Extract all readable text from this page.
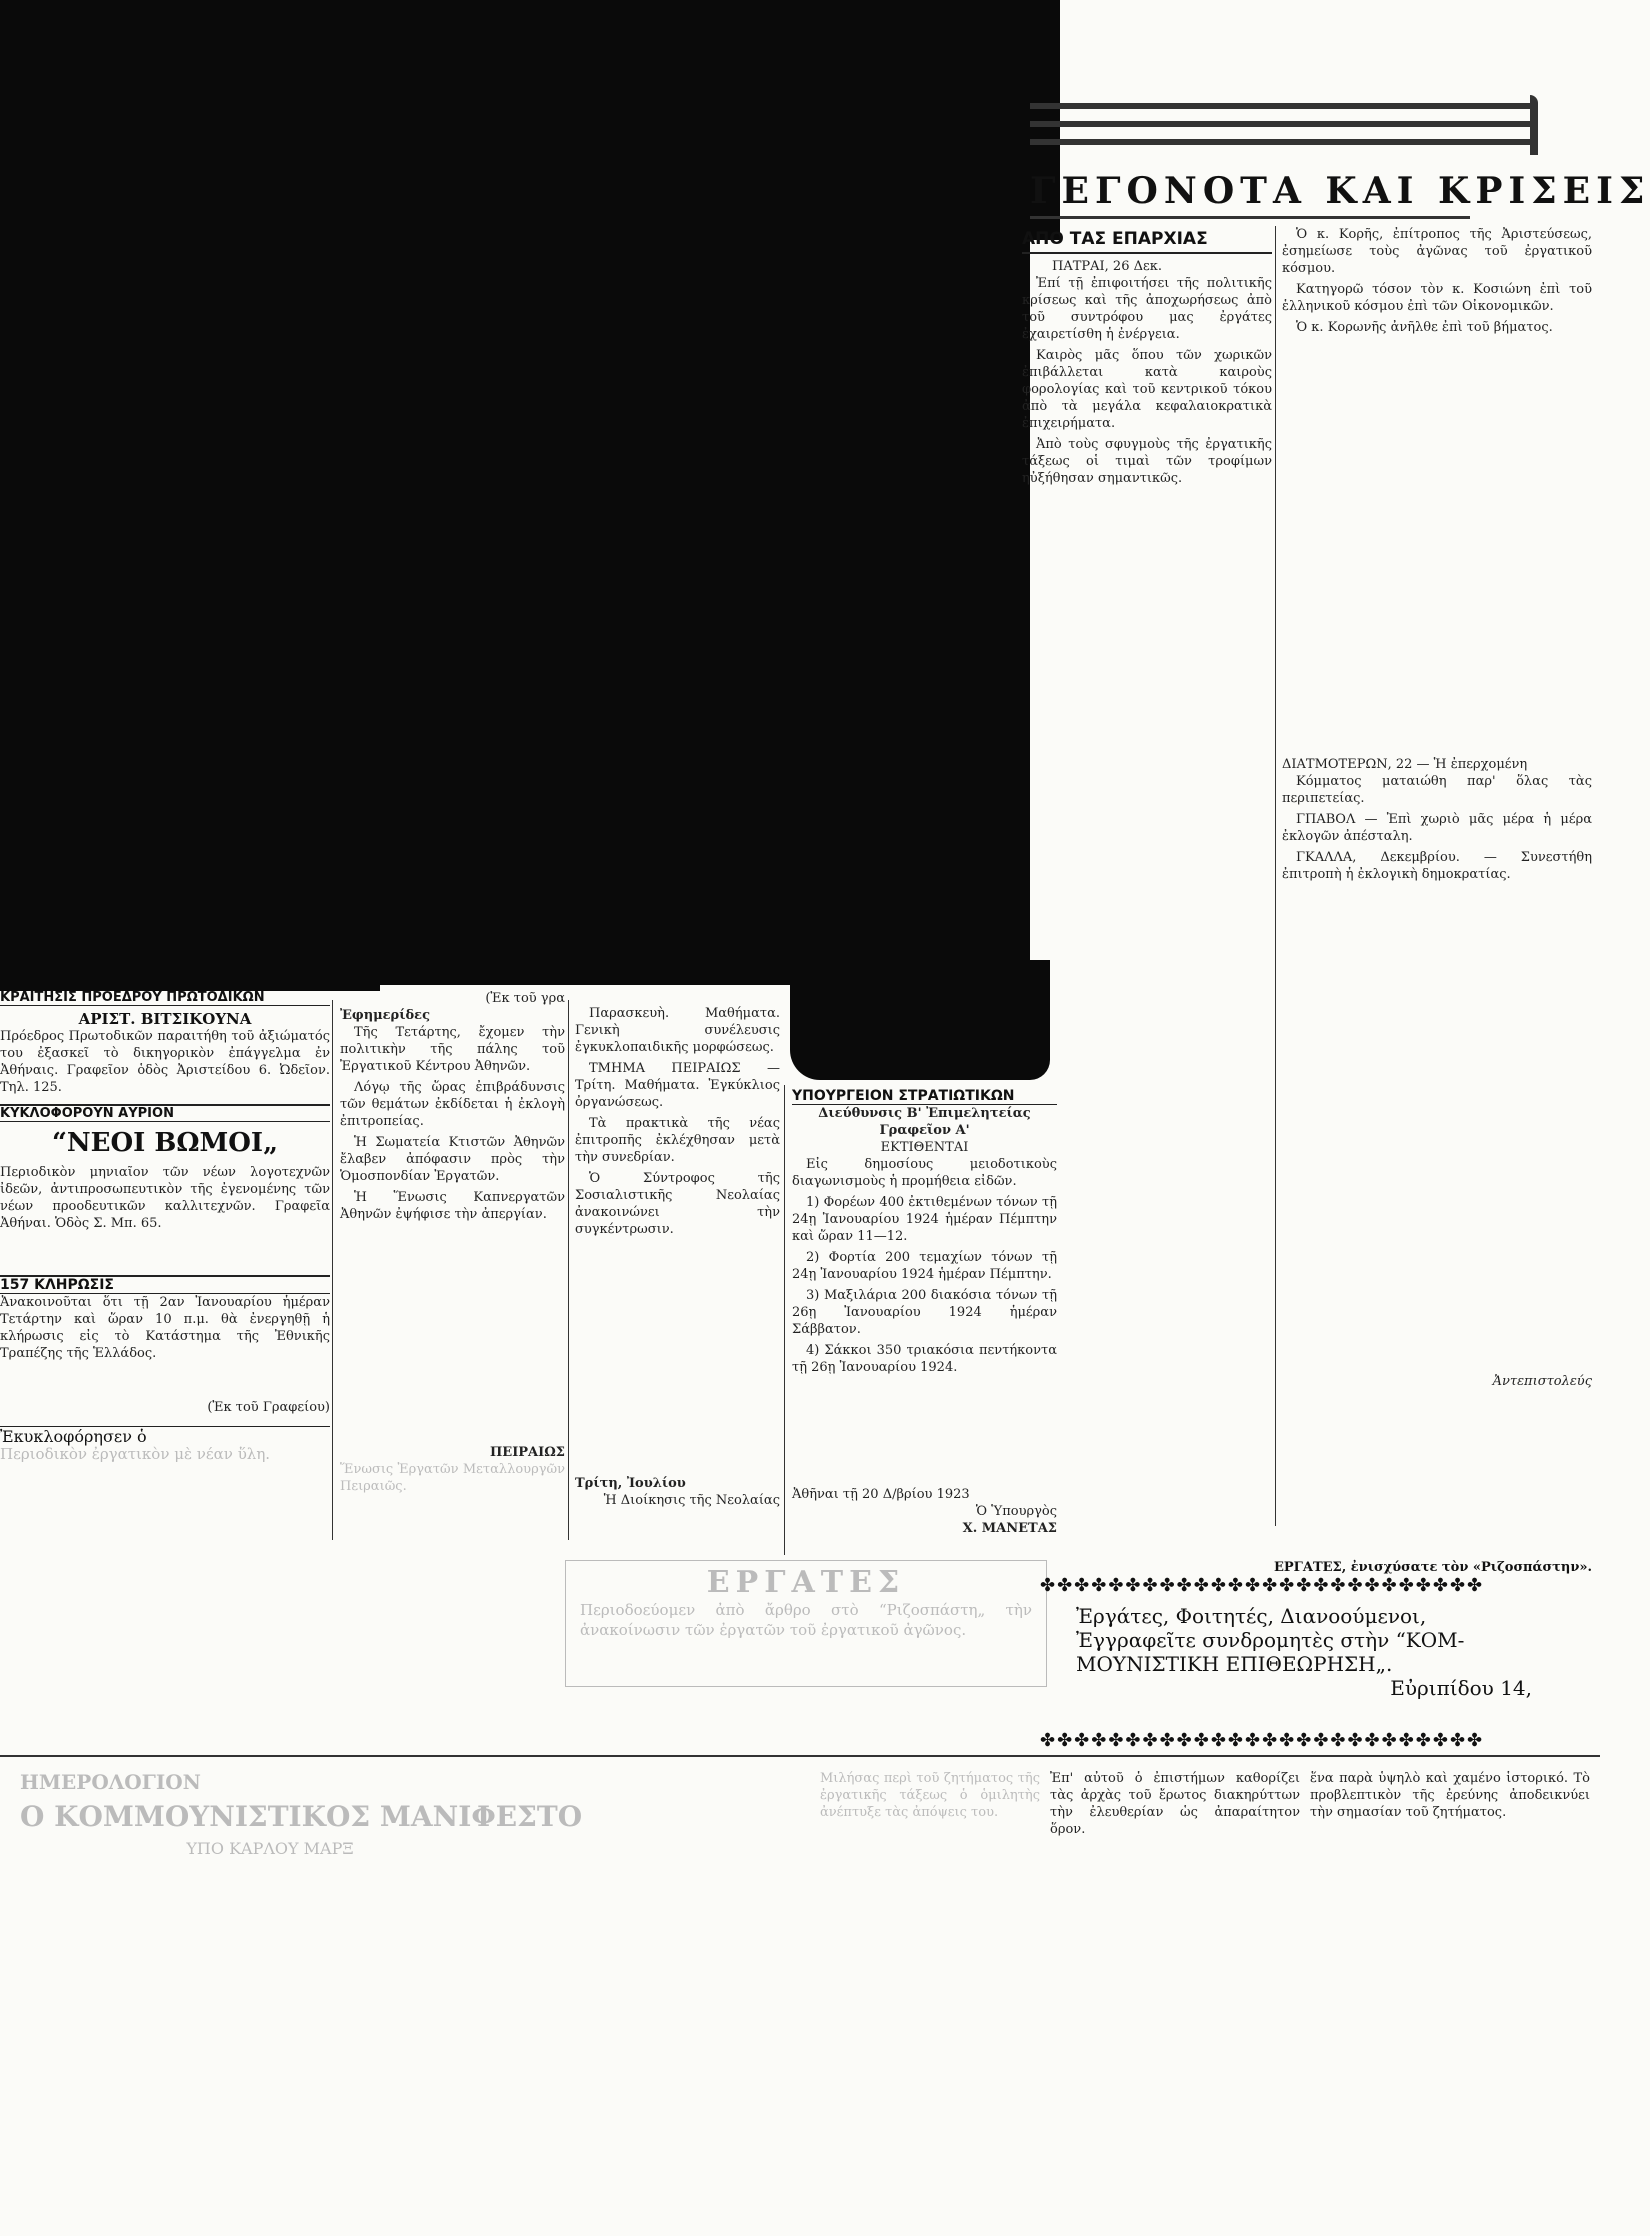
ΓΕΓΟΝΟΤΑ ΚΑΙ ΚΡΙΣΕΙΣ
ΑΠΟ ΤΑΣ ΕΠΑΡΧΙΑΣ
ΠΑΤΡΑΙ, 26 Δεκ.

Ἐπί τῇ ἐπιφοιτήσει τῆς πολιτικῆς κρίσεως καὶ τῆς ἀποχωρήσεως ἀπὸ τοῦ συντρόφου μας ἐργάτες ἐχαιρετίσθη ἡ ἐνέργεια.

Καιρὸς μᾶς ὅπου τῶν χωρικῶν ἐπιβάλλεται κατὰ καιροὺς φορολογίας καὶ τοῦ κεντρικοῦ τόκου ἀπὸ τὰ μεγάλα κεφαλαιοκρατικὰ ἐπιχειρήματα.

Ἀπὸ τοὺς σφυγμοὺς τῆς ἐργατικῆς τάξεως οἱ τιμαὶ τῶν τροφίμων ηὐξήθησαν σημαντικῶς.

Ὁ κ. Κορῆς, ἐπίτροπος τῆς Ἀριστεύσεως, ἐσημείωσε τοὺς ἀγῶνας τοῦ ἐργατικοῦ κόσμου.

Κατηγορῶ τόσον τὸν κ. Κοσιώνη ἐπὶ τοῦ ἑλληνικοῦ κόσμου ἐπὶ τῶν Οἰκονομικῶν.

Ὁ κ. Κορωνῆς ἀνῆλθε ἐπὶ τοῦ βήματος.

ΔΙΑΤΜΟΤΕΡΩΝ, 22 — Ἡ ἐπερχομένη

Κόμματος ματαιώθη παρ' ὅλας τὰς περιπετείας.

ΓΠΑΒΟΛ — Ἐπὶ χωριὸ μᾶς μέρα ἡ μέρα ἐκλογῶν ἀπέσταλη.

ΓΚΑΛΛΑ, Δεκεμβρίου. — Συνεστήθη ἐπιτροπὴ ἡ ἐκλογικὴ δημοκρατίας.

Ἀντεπιστολεύς
ΚΡΑΙΤΗΣΙΣ ΠΡΟΕΔΡΟΥ ΠΡΩΤΟΔΙΚΩΝ
ΑΡΙΣΤ. ΒΙΤΣΙΚΟΥΝΑ
Πρόεδρος Πρωτοδικῶν παραιτήθη τοῦ ἀξιώματός του ἐξασκεῖ τὸ δικηγορικὸν ἐπάγγελμα ἐν Ἀθήναις. Γραφεῖον ὁδὸς Ἀριστείδου 6. Ὠδεῖον. Τηλ. 125.
ΚΥΚΛΟΦΟΡΟΥΝ ΑΥΡΙΟΝ
“ΝΕΟΙ ΒΩΜΟΙ„
Περιοδικὸν μηνιαῖον τῶν νέων λογοτεχνῶν ἰδεῶν, ἀντιπροσωπευτικὸν τῆς ἐγενομένης τῶν νέων προοδευτικῶν καλλιτεχνῶν. Γραφεῖα Ἀθήναι. Ὁδὸς Σ. Μπ. 65.
157 ΚΛΗΡΩΣΙΣ
Ἀνακοινοῦται ὅτι τῇ 2αν Ἰανουαρίου ἡμέραν Τετάρτην καὶ ὥραν 10 π.μ. θὰ ἐνεργηθῇ ἡ κλήρωσις εἰς τὸ Κατάστημα τῆς Ἐθνικῆς Τραπέζης τῆς Ἑλλάδος.
(Ἐκ τοῦ Γραφείου)
Ἐκυκλοφόρησεν ὁ
Περιοδικὸν ἐργατικὸν μὲ νέαν ὕλη.
(Ἐκ τοῦ γρα
Ἐφημερίδες

Τῆς Τετάρτης, ἔχομεν τὴν πολιτικὴν τῆς πάλης τοῦ Ἐργατικοῦ Κέντρου Ἀθηνῶν.

Λόγῳ τῆς ὥρας ἐπιβράδυνσις τῶν θεμάτων ἐκδίδεται ἡ ἐκλογὴ ἐπιτροπείας.

Ἡ Σωματεία Κτιστῶν Ἀθηνῶν ἔλαβεν ἀπόφασιν πρὸς τὴν Ὁμοσπονδίαν Ἐργατῶν.

Ἡ Ἕνωσις Καπνεργατῶν Ἀθηνῶν ἐψήφισε τὴν ἀπεργίαν.

ΠΕΙΡΑΙΩΣ
Ἕνωσις Ἐργατῶν Μεταλλουργῶν Πειραιῶς.

Παρασκευὴ. Μαθήματα. Γενικὴ συνέλευσις ἐγκυκλοπαιδικῆς μορφώσεως.

ΤΜΗΜΑ ΠΕΙΡΑΙΩΣ — Τρίτη. Μαθήματα. Ἐγκύκλιος ὀργανώσεως.

Τὰ πρακτικὰ τῆς νέας ἐπιτροπῆς ἐκλέχθησαν μετὰ τὴν συνεδρίαν.

Ὁ Σύντροφος τῆς Σοσιαλιστικῆς Νεολαίας ἀνακοινώνει τὴν συγκέντρωσιν.

Τρίτη, Ἰουλίου
Ἡ Διοίκησις τῆς Νεολαίας
ΥΠΟΥΡΓΕΙΟΝ ΣΤΡΑΤΙΩΤΙΚΩΝ
Διεύθυνσις Β' Ἐπιμελητείας Γραφεῖον Α'
ΕΚΤΙΘΕΝΤΑΙ

Εἰς δημοσίους μειοδοτικοὺς διαγωνισμοὺς ἡ προμήθεια εἰδῶν.

1) Φορέων 400 ἐκτιθεμένων τόνων τῇ 24ῃ Ἰανουαρίου 1924 ἡμέραν Πέμπτην καὶ ὥραν 11—12.

2) Φορτία 200 τεμαχίων τόνων τῇ 24ῃ Ἰανουαρίου 1924 ἡμέραν Πέμπτην.

3) Μαξιλάρια 200 διακόσια τόνων τῇ 26ῃ Ἰανουαρίου 1924 ἡμέραν Σάββατον.

4) Σάκκοι 350 τριακόσια πεντήκοντα τῇ 26ῃ Ἰανουαρίου 1924.

Ἀθῆναι τῇ 20 Δ/βρίου 1923
Ὁ Ὑπουργὸς
Χ. ΜΑΝΕΤΑΣ
ΕΡΓΑΤΕΣ
Περιοδοεύομεν ἀπὸ ἄρθρο στὸ “Ριζοσπάστη„ τὴν ἀνακοίνωσιν τῶν ἐργατῶν τοῦ ἐργατικοῦ ἀγῶνος.
ΕΡΓΑΤΕΣ, ἐνισχύσατε τὸν «Ριζοσπάστην».
✤✤✤✤✤✤✤✤✤✤✤✤✤✤✤✤✤✤✤✤✤✤✤✤✤✤
Ἐργάτες, Φοιτητές, Διανοούμενοι,
Ἐγγραφεῖτε συνδρομητὲς στὴν “ΚΟΜ-
ΜΟΥΝΙΣΤΙΚΗ ΕΠΙΘΕΩΡΗΣΗ„.
Εὐριπίδου 14,
✤✤✤✤✤✤✤✤✤✤✤✤✤✤✤✤✤✤✤✤✤✤✤✤✤✤
ΗΜΕΡΟΛΟΓΙΟΝ
Ο ΚΟΜΜΟΥΝΙΣΤΙΚΟΣ ΜΑΝΙΦΕΣΤΟ
ΥΠΟ ΚΑΡΛΟΥ ΜΑΡΞ
Μιλήσας περὶ τοῦ ζητήματος τῆς ἐργατικῆς τάξεως ὁ ὁμιλητὴς ἀνέπτυξε τὰς ἀπόψεις του.
Ἐπ' αὐτοῦ ὁ ἐπιστήμων καθορίζει τὰς ἀρχὰς τοῦ ἔρωτος διακηρύττων τὴν ἐλευθερίαν ὡς ἀπαραίτητον ὅρον.
ἕνα παρὰ ὑψηλὸ καὶ χαμένο ἱστορικό. Τὸ προβλεπτικὸν τῆς ἐρεύνης ἀποδεικνύει τὴν σημασίαν τοῦ ζητήματος.
